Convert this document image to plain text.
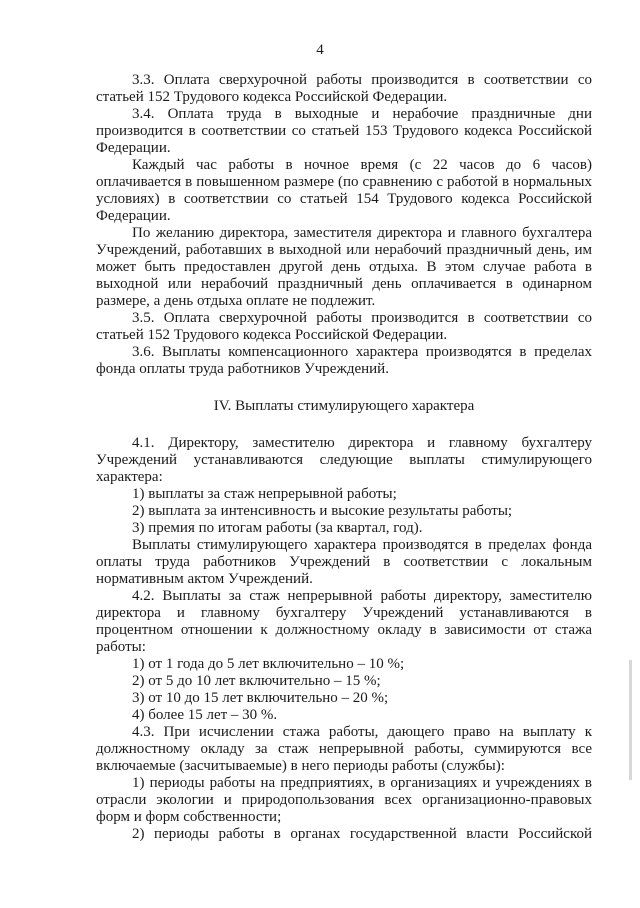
4

3.3. Оплата сверхурочной работы производится в соответствии со

статьей 152 Трудового кодекса Российской Федерации.

3.4. Оплата труда в выходные и нерабочие праздничные дни

производится в соответствии со статьей 153 Трудового кодекса Российской

Федерации.

Каждый час работы в ночное время (с 22 часов до 6 часов)

оплачивается в повышенном размере (по сравнению с работой в нормальных

условиях) в соответствии со статьей 154 Трудового кодекса Российской

Федерации.

По желанию директора, заместителя директора и главного бухгалтера

Учреждений, работавших в выходной или нерабочий праздничный день, им

может быть предоставлен другой день отдыха. В этом случае работа в

выходной или нерабочий праздничный день оплачивается в одинарном

размере, а день отдыха оплате не подлежит.

3.5. Оплата сверхурочной работы производится в соответствии со

статьей 152 Трудового кодекса Российской Федерации.

3.6. Выплаты компенсационного характера производятся в пределах

фонда оплаты труда работников Учреждений.

IV. Выплаты стимулирующего характера

4.1. Директору, заместителю директора и главному бухгалтеру

Учреждений устанавливаются следующие выплаты стимулирующего

характера:

1) выплаты за стаж непрерывной работы;

2) выплата за интенсивность и высокие результаты работы;

3) премия по итогам работы (за квартал, год).

Выплаты стимулирующего характера производятся в пределах фонда

оплаты труда работников Учреждений в соответствии с локальным

нормативным актом Учреждений.

4.2. Выплаты за стаж непрерывной работы директору, заместителю

директора и главному бухгалтеру Учреждений устанавливаются в

процентном отношении к должностному окладу в зависимости от стажа

работы:

1) от 1 года до 5 лет включительно – 10 %;

2) от 5 до 10 лет включительно – 15 %;

3) от 10 до 15 лет включительно – 20 %;

4) более 15 лет – 30 %.

4.3. При исчислении стажа работы, дающего право на выплату к

должностному окладу за стаж непрерывной работы, суммируются все

включаемые (засчитываемые) в него периоды работы (службы):

1) периоды работы на предприятиях, в организациях и учреждениях в

отрасли экологии и природопользования всех организационно-правовых

форм и форм собственности;

2) периоды работы в органах государственной власти Российской
